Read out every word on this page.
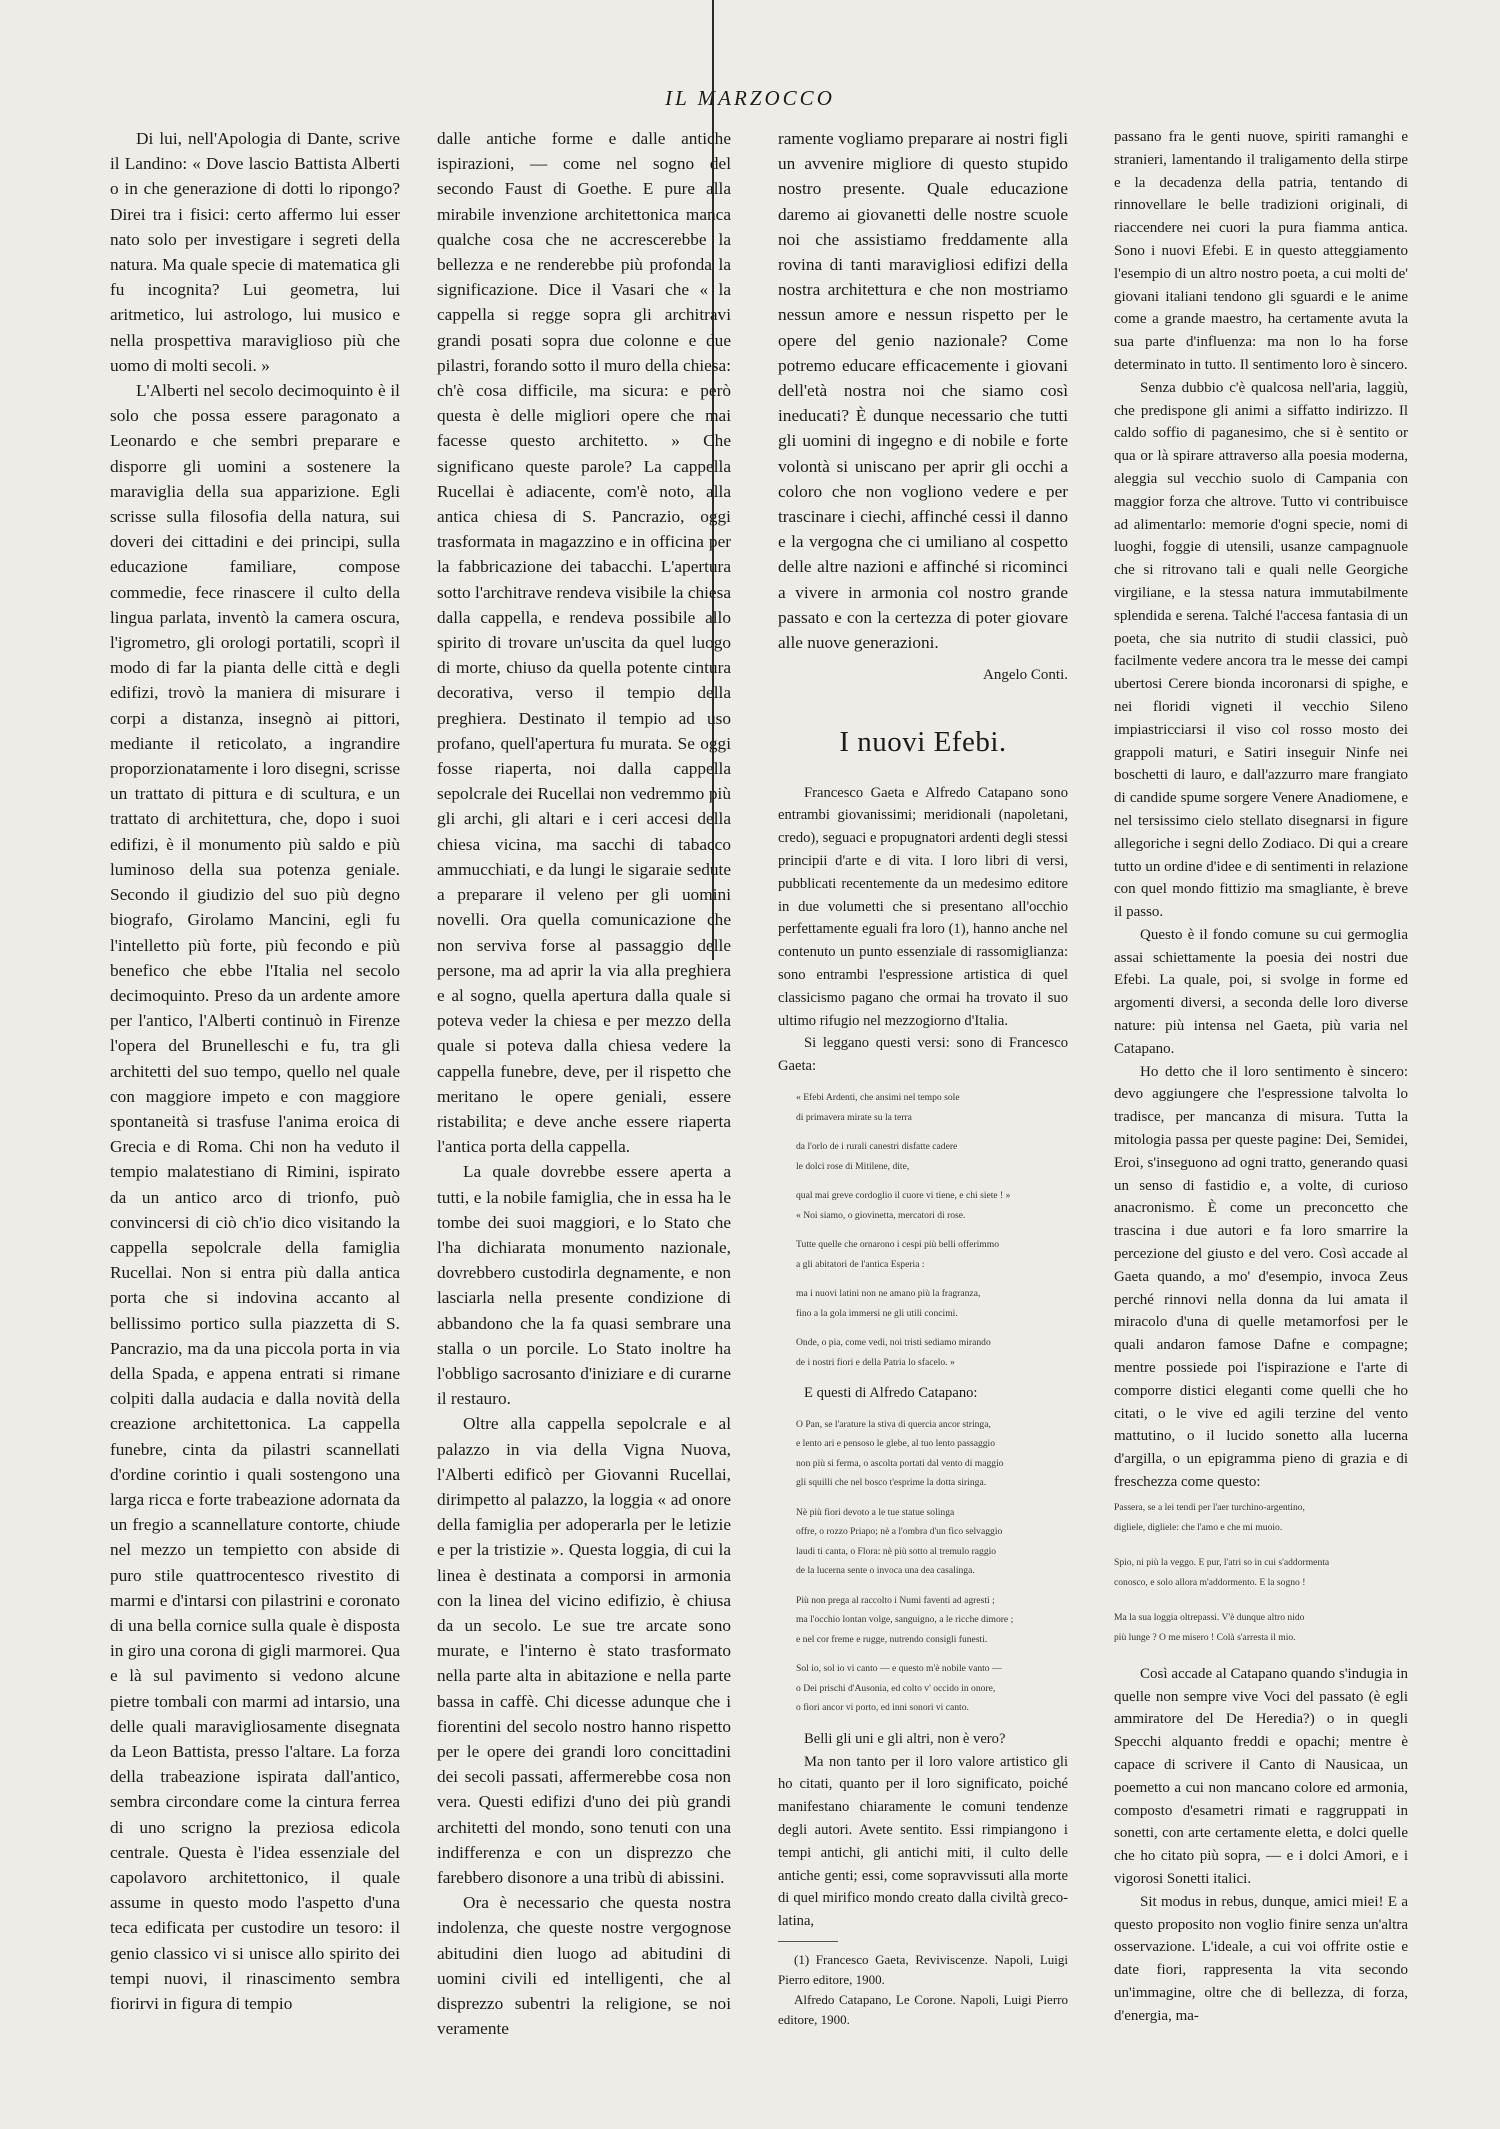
IL MARZOCCO

Di lui, nell'Apologia di Dante, scrive il Landino: « Dove lascio Battista Alberti o in che generazione di dotti lo ripongo? Direi tra i fisici: certo affermo lui esser nato solo per investigare i segreti della natura. Ma quale specie di matematica gli fu incognita? Lui geometra, lui aritmetico, lui astrologo, lui musico e nella prospettiva maraviglioso più che uomo di molti secoli. »

L'Alberti nel secolo decimoquinto è il solo che possa essere paragonato a Leonardo e che sembri preparare e disporre gli uomini a sostenere la maraviglia della sua apparizione. Egli scrisse sulla filosofia della natura, sui doveri dei cittadini e dei principi, sulla educazione familiare, compose commedie, fece rinascere il culto della lingua parlata, inventò la camera oscura, l'igrometro, gli orologi portatili, scoprì il modo di far la pianta delle città e degli edifizi, trovò la maniera di misurare i corpi a distanza, insegnò ai pittori, mediante il reticolato, a ingrandire proporzionatamente i loro disegni, scrisse un trattato di pittura e di scultura, e un trattato di architettura, che, dopo i suoi edifizi, è il monumento più saldo e più luminoso della sua potenza geniale. Secondo il giudizio del suo più degno biografo, Girolamo Mancini, egli fu l'intelletto più forte, più fecondo e più benefico che ebbe l'Italia nel secolo decimoquinto. Preso da un ardente amore per l'antico, l'Alberti continuò in Firenze l'opera del Brunelleschi e fu, tra gli architetti del suo tempo, quello nel quale con maggiore impeto e con maggiore spontaneità si trasfuse l'anima eroica di Grecia e di Roma. Chi non ha veduto il tempio malatestiano di Rimini, ispirato da un antico arco di trionfo, può convincersi di ciò ch'io dico visitando la cappella sepolcrale della famiglia Rucellai. Non si entra più dalla antica porta che si indovina accanto al bellissimo portico sulla piazzetta di S. Pancrazio, ma da una piccola porta in via della Spada, e appena entrati si rimane colpiti dalla audacia e dalla novità della creazione architettonica. La cappella funebre, cinta da pilastri scannellati d'ordine corintio i quali sostengono una larga ricca e forte trabeazione adornata da un fregio a scannellature contorte, chiude nel mezzo un tempietto con abside di puro stile quattrocentesco rivestito di marmi e d'intarsi con pilastrini e coronato di una bella cornice sulla quale è disposta in giro una corona di gigli marmorei. Qua e là sul pavimento si vedono alcune pietre tombali con marmi ad intarsio, una delle quali maravigliosamente disegnata da Leon Battista, presso l'altare. La forza della trabeazione ispirata dall'antico, sembra circondare come la cintura ferrea di uno scrigno la preziosa edicola centrale. Questa è l'idea essenziale del capolavoro architettonico, il quale assume in questo modo l'aspetto d'una teca edificata per custodire un tesoro: il genio classico vi si unisce allo spirito dei tempi nuovi, il rinascimento sembra fiorirvi in figura di tempio

dalle antiche forme e dalle antiche ispirazioni, — come nel sogno del secondo Faust di Goethe. E pure alla mirabile invenzione architettonica manca qualche cosa che ne accrescerebbe la bellezza e ne renderebbe più profonda la significazione. Dice il Vasari che « la cappella si regge sopra gli architravi grandi posati sopra due colonne e due pilastri, forando sotto il muro della chiesa: ch'è cosa difficile, ma sicura: e però questa è delle migliori opere che mai facesse questo architetto. » Che significano queste parole? La cappella Rucellai è adiacente, com'è noto, alla antica chiesa di S. Pancrazio, oggi trasformata in magazzino e in officina per la fabbricazione dei tabacchi. L'apertura sotto l'architrave rendeva visibile la chiesa dalla cappella, e rendeva possibile allo spirito di trovare un'uscita da quel luogo di morte, chiuso da quella potente cintura decorativa, verso il tempio della preghiera. Destinato il tempio ad uso profano, quell'apertura fu murata. Se oggi fosse riaperta, noi dalla cappella sepolcrale dei Rucellai non vedremmo più gli archi, gli altari e i ceri accesi della chiesa vicina, ma sacchi di tabacco ammucchiati, e da lungi le sigaraie sedute a preparare il veleno per gli uomini novelli. Ora quella comunicazione che non serviva forse al passaggio delle persone, ma ad aprir la via alla preghiera e al sogno, quella apertura dalla quale si poteva veder la chiesa e per mezzo della quale si poteva dalla chiesa vedere la cappella funebre, deve, per il rispetto che meritano le opere geniali, essere ristabilita; e deve anche essere riaperta l'antica porta della cappella.

La quale dovrebbe essere aperta a tutti, e la nobile famiglia, che in essa ha le tombe dei suoi maggiori, e lo Stato che l'ha dichiarata monumento nazionale, dovrebbero custodirla degnamente, e non lasciarla nella presente condizione di abbandono che la fa quasi sembrare una stalla o un porcile. Lo Stato inoltre ha l'obbligo sacrosanto d'iniziare e di curarne il restauro.

Oltre alla cappella sepolcrale e al palazzo in via della Vigna Nuova, l'Alberti edificò per Giovanni Rucellai, dirimpetto al palazzo, la loggia « ad onore della famiglia per adoperarla per le letizie e per la tristizie ». Questa loggia, di cui la linea è destinata a comporsi in armonia con la linea del vicino edifizio, è chiusa da un secolo. Le sue tre arcate sono murate, e l'interno è stato trasformato nella parte alta in abitazione e nella parte bassa in caffè. Chi dicesse adunque che i fiorentini del secolo nostro hanno rispetto per le opere dei grandi loro concittadini dei secoli passati, affermerebbe cosa non vera. Questi edifizi d'uno dei più grandi architetti del mondo, sono tenuti con una indifferenza e con un disprezzo che farebbero disonore a una tribù di abissini.

Ora è necessario che questa nostra indolenza, che queste nostre vergognose abitudini dien luogo ad abitudini di uomini civili ed intelligenti, che al disprezzo subentri la religione, se noi veramente

ramente vogliamo preparare ai nostri figli un avvenire migliore di questo stupido nostro presente. Quale educazione daremo ai giovanetti delle nostre scuole noi che assistiamo freddamente alla rovina di tanti maravigliosi edifizi della nostra architettura e che non mostriamo nessun amore e nessun rispetto per le opere del genio nazionale? Come potremo educare efficacemente i giovani dell'età nostra noi che siamo così ineducati? È dunque necessario che tutti gli uomini di ingegno e di nobile e forte volontà si uniscano per aprir gli occhi a coloro che non vogliono vedere e per trascinare i ciechi, affinché cessi il danno e la vergogna che ci umiliano al cospetto delle altre nazioni e affinché si ricominci a vivere in armonia col nostro grande passato e con la certezza di poter giovare alle nuove generazioni.

Angelo Conti.

I nuovi Efebi.

Francesco Gaeta e Alfredo Catapano sono entrambi giovanissimi; meridionali (napoletani, credo), seguaci e propugnatori ardenti degli stessi principii d'arte e di vita. I loro libri di versi, pubblicati recentemente da un medesimo editore in due volumetti che si presentano all'occhio perfettamente eguali fra loro (1), hanno anche nel contenuto un punto essenziale di rassomiglianza: sono entrambi l'espressione artistica di quel classicismo pagano che ormai ha trovato il suo ultimo rifugio nel mezzogiorno d'Italia.

Si leggano questi versi: sono di Francesco Gaeta:

« Efebi Ardenti, che ansimi nel tempo sole
di primavera mirate su la terra

da l'orlo de i rurali canestri disfatte cadere
le dolci rose di Mitilene, dite,

qual mai greve cordoglio il cuore vi tiene, e chi siete ! »
« Noi siamo, o giovinetta, mercatori di rose.

Tutte quelle che ornarono i cespi più belli offerimmo
a gli abitatori de l'antica Esperia :

ma i nuovi latini non ne amano più la fragranza,
fino a la gola immersi ne gli utili concimi.

Onde, o pia, come vedi, noi tristi sediamo mirando
de i nostri fiori e della Patria lo sfacelo. »

E questi di Alfredo Catapano:

O Pan, se l'arature la stiva di quercia ancor stringa,
e lento ari e pensoso le glebe, al tuo lento passaggio
non più si ferma, o ascolta portati dal vento di maggio
gli squilli che nel bosco t'esprime la dotta siringa.

Nè più fiori devoto a le tue statue solinga
offre, o rozzo Priapo; nè a l'ombra d'un fico selvaggio
laudi ti canta, o Flora: nè più sotto al tremulo raggio
de la lucerna sente o invoca una dea casalinga.

Più non prega al raccolto i Numi faventi ad agresti ;
ma l'occhio lontan volge, sanguigno, a le ricche dimore ;
e nel cor freme e rugge, nutrendo consigli funesti.

Sol io, sol io vi canto — e questo m'è nobile vanto —
o Dei prischi d'Ausonia, ed colto v' occido in onore,
o fiori ancor vi porto, ed inni sonori vi canto.

Belli gli uni e gli altri, non è vero?

Ma non tanto per il loro valore artistico gli ho citati, quanto per il loro significato, poiché manifestano chiaramente le comuni tendenze degli autori. Avete sentito. Essi rimpiangono i tempi antichi, gli antichi miti, il culto delle antiche genti; essi, come sopravvissuti alla morte di quel mirifico mondo creato dalla civiltà greco-latina,

(1) Francesco Gaeta, Reviviscenze. Napoli, Luigi Pierro editore, 1900.

Alfredo Catapano, Le Corone. Napoli, Luigi Pierro editore, 1900.

passano fra le genti nuove, spiriti ramanghi e stranieri, lamentando il traligamento della stirpe e la decadenza della patria, tentando di rinnovellare le belle tradizioni originali, di riaccendere nei cuori la pura fiamma antica. Sono i nuovi Efebi. E in questo atteggiamento l'esempio di un altro nostro poeta, a cui molti de' giovani italiani tendono gli sguardi e le anime come a grande maestro, ha certamente avuta la sua parte d'influenza: ma non lo ha forse determinato in tutto. Il sentimento loro è sincero.

Senza dubbio c'è qualcosa nell'aria, laggiù, che predispone gli animi a siffatto indirizzo. Il caldo soffio di paganesimo, che si è sentito or qua or là spirare attraverso alla poesia moderna, aleggia sul vecchio suolo di Campania con maggior forza che altrove. Tutto vi contribuisce ad alimentarlo: memorie d'ogni specie, nomi di luoghi, foggie di utensili, usanze campagnuole che si ritrovano tali e quali nelle Georgiche virgiliane, e la stessa natura immutabilmente splendida e serena. Talché l'accesa fantasia di un poeta, che sia nutrito di studii classici, può facilmente vedere ancora tra le messe dei campi ubertosi Cerere bionda incoronarsi di spighe, e nei floridi vigneti il vecchio Sileno impiastricciarsi il viso col rosso mosto dei grappoli maturi, e Satiri inseguir Ninfe nei boschetti di lauro, e dall'azzurro mare frangiato di candide spume sorgere Venere Anadiomene, e nel tersissimo cielo stellato disegnarsi in figure allegoriche i segni dello Zodiaco. Di qui a creare tutto un ordine d'idee e di sentimenti in relazione con quel mondo fittizio ma smagliante, è breve il passo.

Questo è il fondo comune su cui germoglia assai schiettamente la poesia dei nostri due Efebi. La quale, poi, si svolge in forme ed argomenti diversi, a seconda delle loro diverse nature: più intensa nel Gaeta, più varia nel Catapano.

Ho detto che il loro sentimento è sincero: devo aggiungere che l'espressione talvolta lo tradisce, per mancanza di misura. Tutta la mitologia passa per queste pagine: Dei, Semidei, Eroi, s'inseguono ad ogni tratto, generando quasi un senso di fastidio e, a volte, di curioso anacronismo. È come un preconcetto che trascina i due autori e fa loro smarrire la percezione del giusto e del vero. Così accade al Gaeta quando, a mo' d'esempio, invoca Zeus perché rinnovi nella donna da lui amata il miracolo d'una di quelle metamorfosi per le quali andaron famose Dafne e compagne; mentre possiede poi l'ispirazione e l'arte di comporre distici eleganti come quelli che ho citati, o le vive ed agili terzine del vento mattutino, o il lucido sonetto alla lucerna d'argilla, o un epigramma pieno di grazia e di freschezza come questo:

Passera, se a lei tendi per l'aer turchino-argentino,
digliele, digliele: che l'amo e che mi muoio.

Spio, ni più la veggo. E pur, l'atri so in cui s'addormenta
conosco, e solo allora m'addormento. E la sogno !

Ma la sua loggia oltrepassi. V'è dunque altro nido
più lunge ? O me misero ! Colà s'arresta il mio.

Così accade al Catapano quando s'indugia in quelle non sempre vive Voci del passato (è egli ammiratore del De Heredia?) o in quegli Specchi alquanto freddi e opachi; mentre è capace di scrivere il Canto di Nausicaa, un poemetto a cui non mancano colore ed armonia, composto d'esametri rimati e raggruppati in sonetti, con arte certamente eletta, e dolci quelle che ho citato più sopra, — e i dolci Amori, e i vigorosi Sonetti italici.

Sit modus in rebus, dunque, amici miei! E a questo proposito non voglio finire senza un'altra osservazione. L'ideale, a cui voi offrite ostie e date fiori, rappresenta la vita secondo un'immagine, oltre che di bellezza, di forza, d'energia, ma-
